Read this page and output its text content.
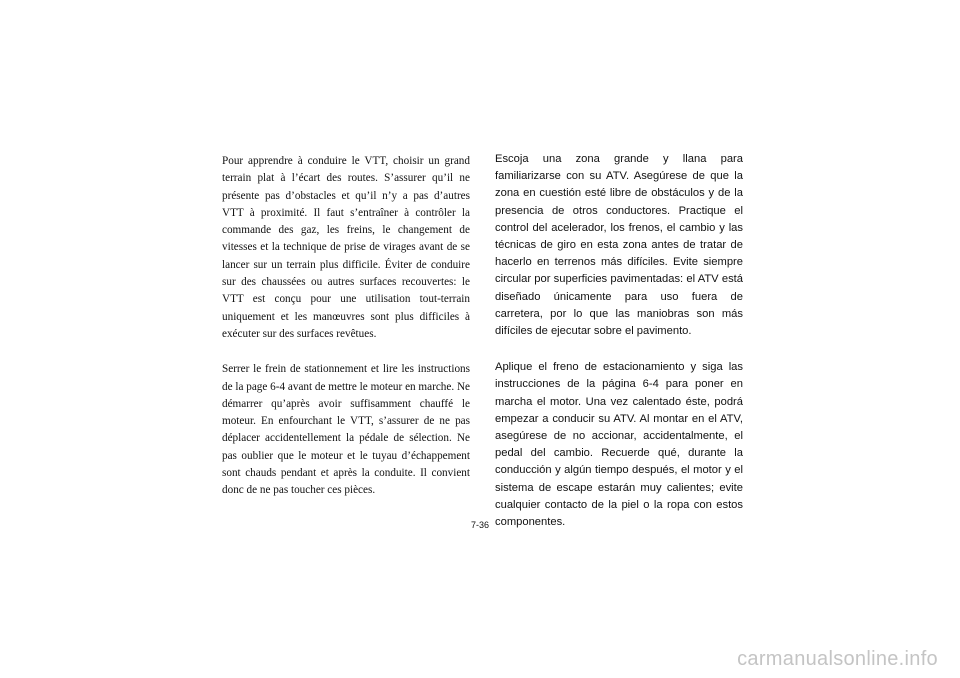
Pour apprendre à conduire le VTT, choisir un grand terrain plat à l’écart des routes. S’assurer qu’il ne présente pas d’obstacles et qu’il n’y a pas d’autres VTT à proximité. Il faut s’entraîner à contrôler la commande des gaz, les freins, le changement de vitesses et la technique de prise de virages avant de se lancer sur un terrain plus difficile. Éviter de conduire sur des chaussées ou autres surfaces recouvertes: le VTT est conçu pour une utilisation tout-terrain uniquement et les manœuvres sont plus difficiles à exécuter sur des surfaces revêtues.

Serrer le frein de stationnement et lire les instructions de la page 6-4 avant de mettre le moteur en marche. Ne démarrer qu’après avoir suffisamment chauffé le moteur. En enfourchant le VTT, s’assurer de ne pas déplacer accidentellement la pédale de sélection. Ne pas oublier que le moteur et le tuyau d’échappement sont chauds pendant et après la conduite. Il convient donc de ne pas toucher ces pièces.

Escoja una zona grande y llana para familiarizarse con su ATV. Asegúrese de que la zona en cuestión esté libre de obstáculos y de la presencia de otros conductores. Practique el control del acelerador, los frenos, el cambio y las técnicas de giro en esta zona antes de tratar de hacerlo en terrenos más difíciles. Evite siempre circular por superficies pavimentadas: el ATV está diseñado únicamente para uso fuera de carretera, por lo que las maniobras son más difíciles de ejecutar sobre el pavimento.

Aplique el freno de estacionamiento y siga las instrucciones de la página 6-4 para poner en marcha el motor. Una vez calentado éste, podrá empezar a conducir su ATV. Al montar en el ATV, asegúrese de no accionar, accidentalmente, el pedal del cambio. Recuerde qué, durante la conducción y algún tiempo después, el motor y el sistema de escape estarán muy calientes; evite cualquier contacto de la piel o la ropa con estos componentes.

7-36
carmanualsonline.info
